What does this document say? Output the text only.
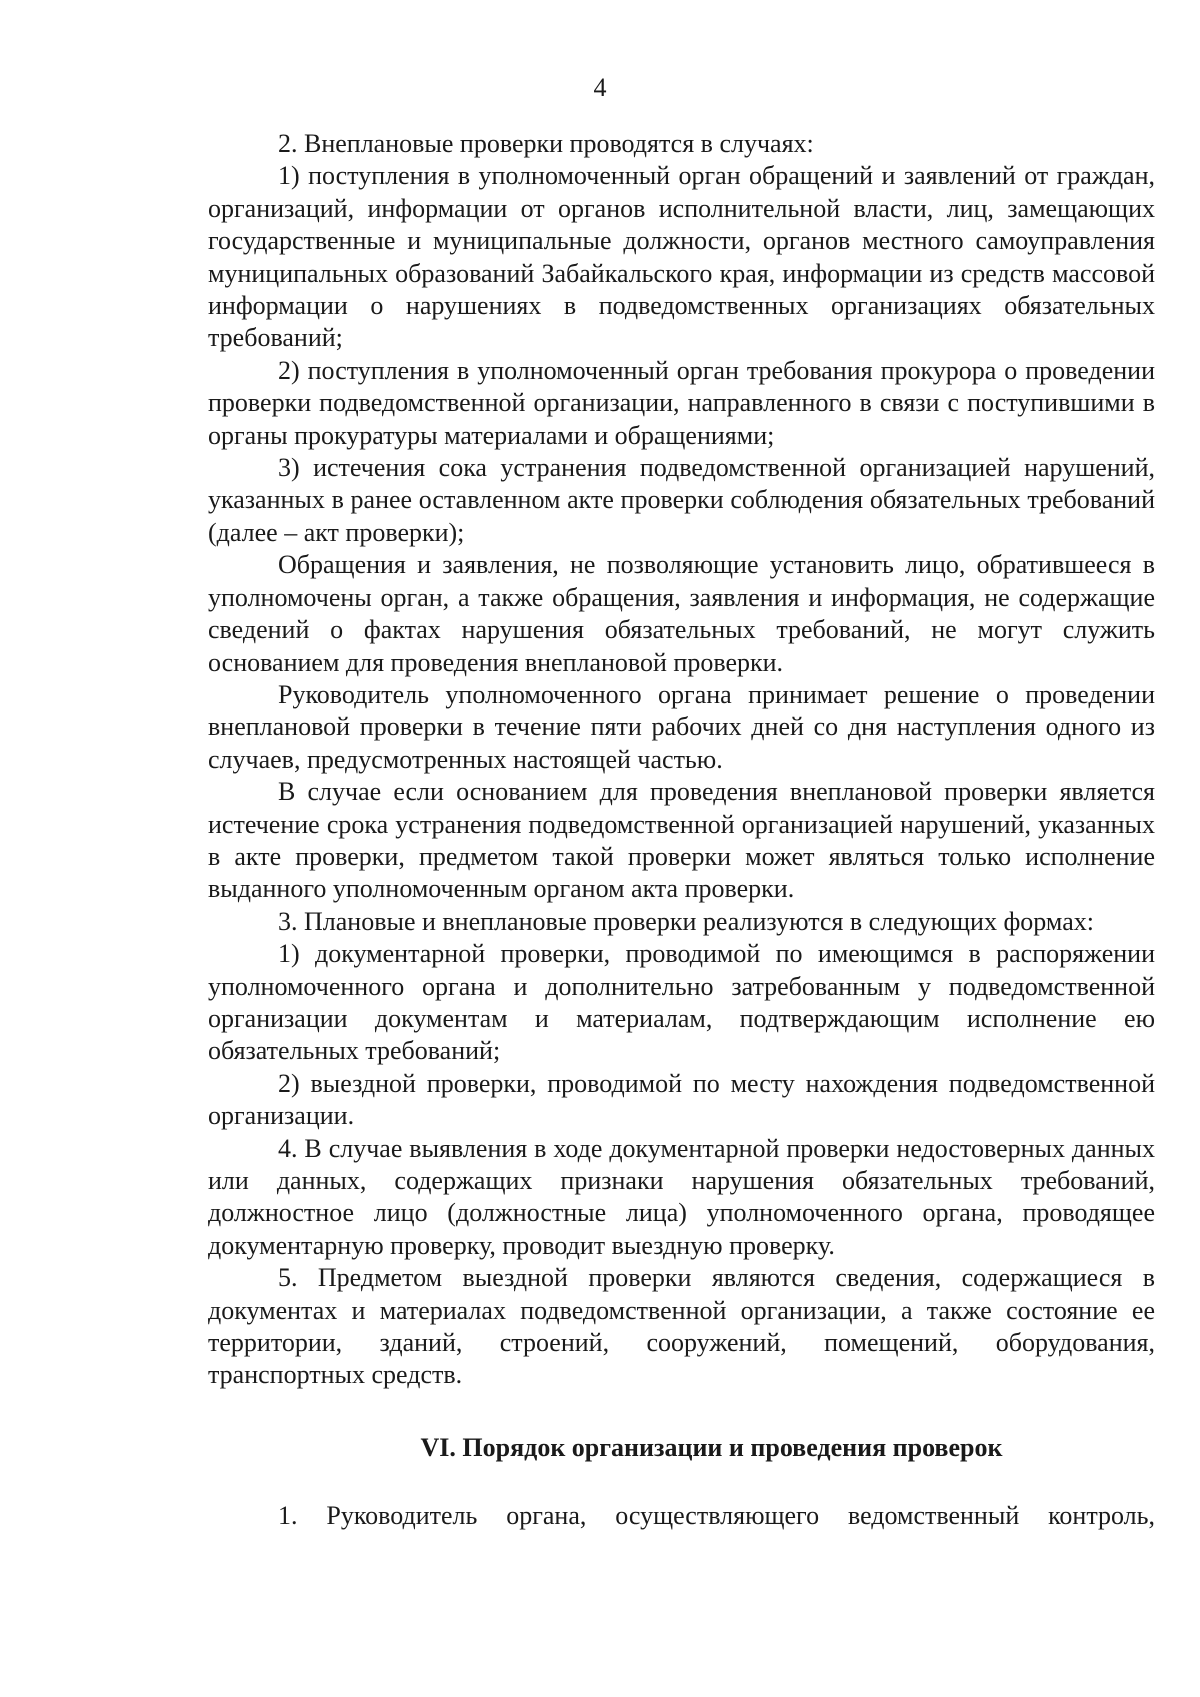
4

2. Внеплановые проверки проводятся в случаях:

1) поступления в уполномоченный орган обращений и заявлений от граждан, организаций, информации от органов исполнительной власти, лиц, замещающих государственные и муниципальные должности, органов местного самоуправления муниципальных образований Забайкальского края, информации из средств массовой информации о нарушениях в подведомственных организациях обязательных требований;

2) поступления в уполномоченный орган требования прокурора о проведении проверки подведомственной организации, направленного в связи с поступившими в органы прокуратуры материалами и обращениями;

3) истечения сока устранения подведомственной организацией нарушений, указанных в ранее оставленном акте проверки соблюдения обязательных требований (далее – акт проверки);

Обращения и заявления, не позволяющие установить лицо, обратившееся в уполномочены орган, а также обращения, заявления и информация, не содержащие сведений о фактах нарушения обязательных требований, не могут служить основанием для проведения внеплановой проверки.

Руководитель уполномоченного органа принимает решение о проведении внеплановой проверки в течение пяти рабочих дней со дня наступления одного из случаев, предусмотренных настоящей частью.

В случае если основанием для проведения внеплановой проверки является истечение срока устранения подведомственной организацией нарушений, указанных в акте проверки, предметом такой проверки может являться только исполнение выданного уполномоченным органом акта проверки.

3. Плановые и внеплановые проверки реализуются в следующих формах:

1) документарной проверки, проводимой по имеющимся в распоряжении уполномоченного органа и дополнительно затребованным у подведомственной организации документам и материалам, подтверждающим исполнение ею обязательных требований;

2) выездной проверки, проводимой по месту нахождения подведомственной организации.

4. В случае выявления в ходе документарной проверки недостоверных данных или данных, содержащих признаки нарушения обязательных требований, должностное лицо (должностные лица) уполномоченного органа, проводящее документарную проверку, проводит выездную проверку.

5. Предметом выездной проверки являются сведения, содержащиеся в документах и материалах подведомственной организации, а также состояние ее территории, зданий, строений, сооружений, помещений, оборудования, транспортных средств.

VI. Порядок организации и проведения проверок

1. Руководитель органа, осуществляющего ведомственный контроль,
